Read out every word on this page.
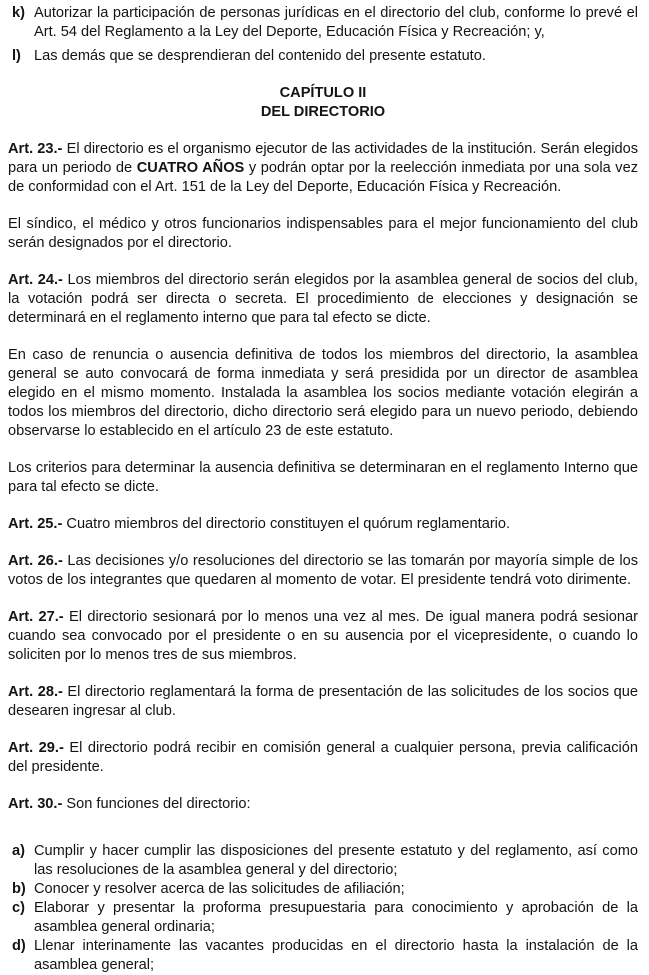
k) Autorizar la participación de personas jurídicas en el directorio del club, conforme lo prevé el Art. 54 del Reglamento a la Ley del Deporte, Educación Física y Recreación; y,
l) Las demás que se desprendieran del contenido del presente estatuto.

CAPÍTULO II

DEL DIRECTORIO

Art. 23.- El directorio es el organismo ejecutor de las actividades de la institución. Serán elegidos para un periodo de CUATRO AÑOS y podrán optar por la reelección inmediata por una sola vez de conformidad con el Art. 151 de la Ley del Deporte, Educación Física y Recreación.

El síndico, el médico y otros funcionarios indispensables para el mejor funcionamiento del club serán designados por el directorio.

Art. 24.- Los miembros del directorio serán elegidos por la asamblea general de socios del club, la votación podrá ser directa o secreta. El procedimiento de elecciones y designación se determinará en el reglamento interno que para tal efecto se dicte.

En caso de renuncia o ausencia definitiva de todos los miembros del directorio, la asamblea general se auto convocará de forma inmediata y será presidida por un director de asamblea elegido en el mismo momento. Instalada la asamblea los socios mediante votación elegirán a todos los miembros del directorio, dicho directorio será elegido para un nuevo periodo, debiendo observarse lo establecido en el artículo 23 de este estatuto.

Los criterios para determinar la ausencia definitiva se determinaran en el reglamento Interno que para tal efecto se dicte.

Art. 25.- Cuatro miembros del directorio constituyen el quórum reglamentario.

Art. 26.- Las decisiones y/o resoluciones del directorio se las tomarán por mayoría simple de los votos de los integrantes que quedaren al momento de votar. El presidente tendrá voto dirimente.

Art. 27.- El directorio sesionará por lo menos una vez al mes. De igual manera podrá sesionar cuando sea convocado por el presidente o en su ausencia por el vicepresidente, o cuando lo soliciten por lo menos tres de sus miembros.

Art. 28.- El directorio reglamentará la forma de presentación de las solicitudes de los socios que desearen ingresar al club.

Art. 29.- El directorio podrá recibir en comisión general a cualquier persona, previa calificación del presidente.

Art. 30.- Son funciones del directorio:

a) Cumplir y hacer cumplir las disposiciones del presente estatuto y del reglamento, así como las resoluciones de la asamblea general y del directorio;
b) Conocer y resolver acerca de las solicitudes de afiliación;
c) Elaborar y presentar la proforma presupuestaria para conocimiento y aprobación de la asamblea general ordinaria;
d) Llenar interinamente las vacantes producidas en el directorio hasta la instalación de la asamblea general;
